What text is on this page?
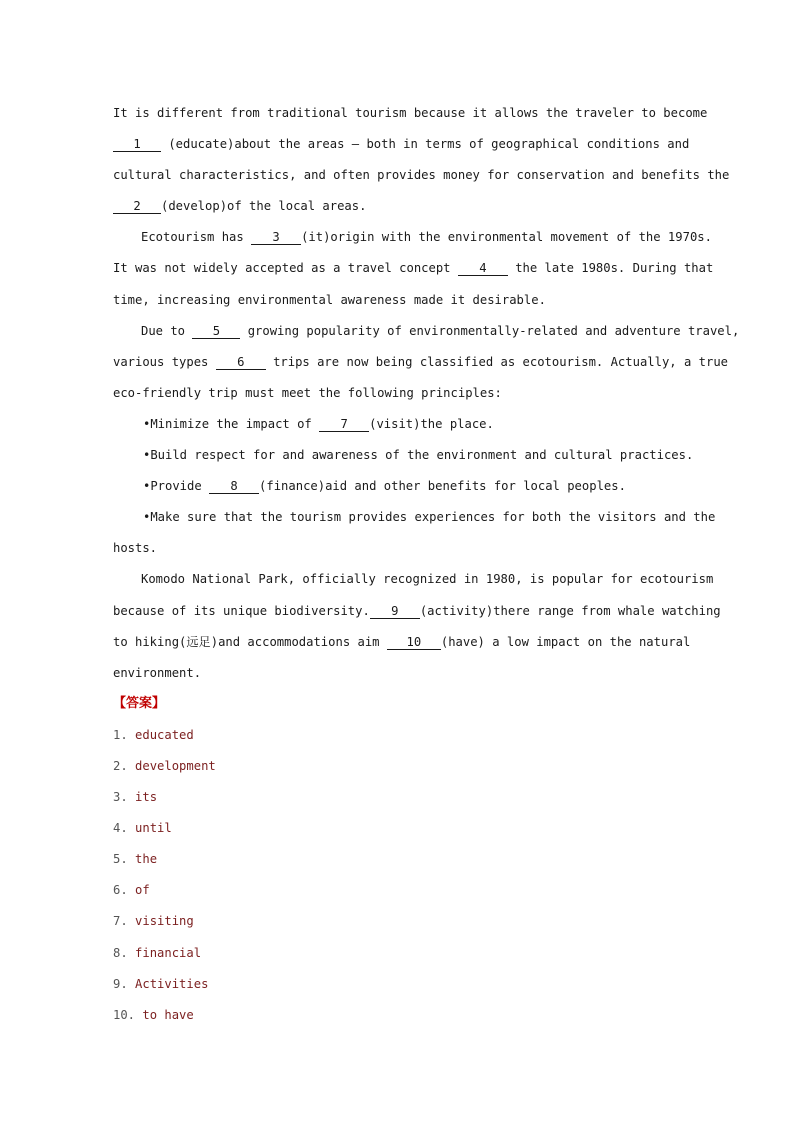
It is different from traditional tourism because it allows the traveler to become
1 (educate)about the areas – both in terms of geographical conditions and
cultural characteristics, and often provides money for conservation and benefits the
2 (develop)of the local areas.
Ecotourism has 3 (it)origin with the environmental movement of the 1970s.
It was not widely accepted as a travel concept 4 the late 1980s. During that
time, increasing environmental awareness made it desirable.
Due to 5 growing popularity of environmentally-related and adventure travel,
various types 6 trips are now being classified as ecotourism. Actually, a true
eco-friendly trip must meet the following principles:
•Minimize the impact of 7 (visit)the place.
•Build respect for and awareness of the environment and cultural practices.
•Provide 8 (finance)aid and other benefits for local peoples.
•Make sure that the tourism provides experiences for both the visitors and the
hosts.
Komodo National Park, officially recognized in 1980, is popular for ecotourism
because of its unique biodiversity. 9 (activity)there range from whale watching
to hiking(远足)and accommodations aim 10 (have) a low impact on the natural
environment.
【答案】
1. educated
2. development
3. its
4. until
5. the
6. of
7. visiting
8. financial
9. Activities
10. to have
